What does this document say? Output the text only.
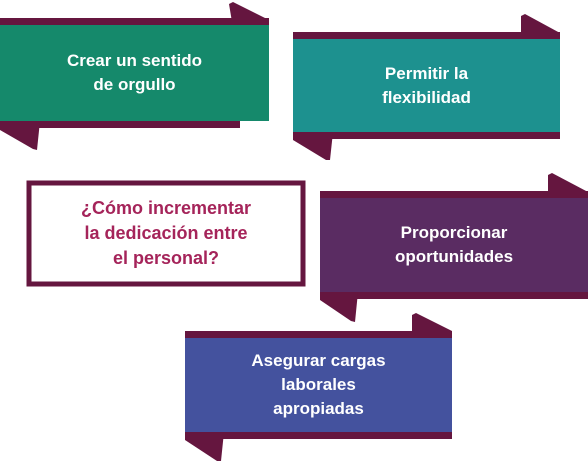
Crear un sentido
de orgullo
Permitir la
flexibilidad
¿Cómo incrementar
la dedicación entre
el personal?
Proporcionar
oportunidades
Asegurar cargas
laborales
apropiadas
